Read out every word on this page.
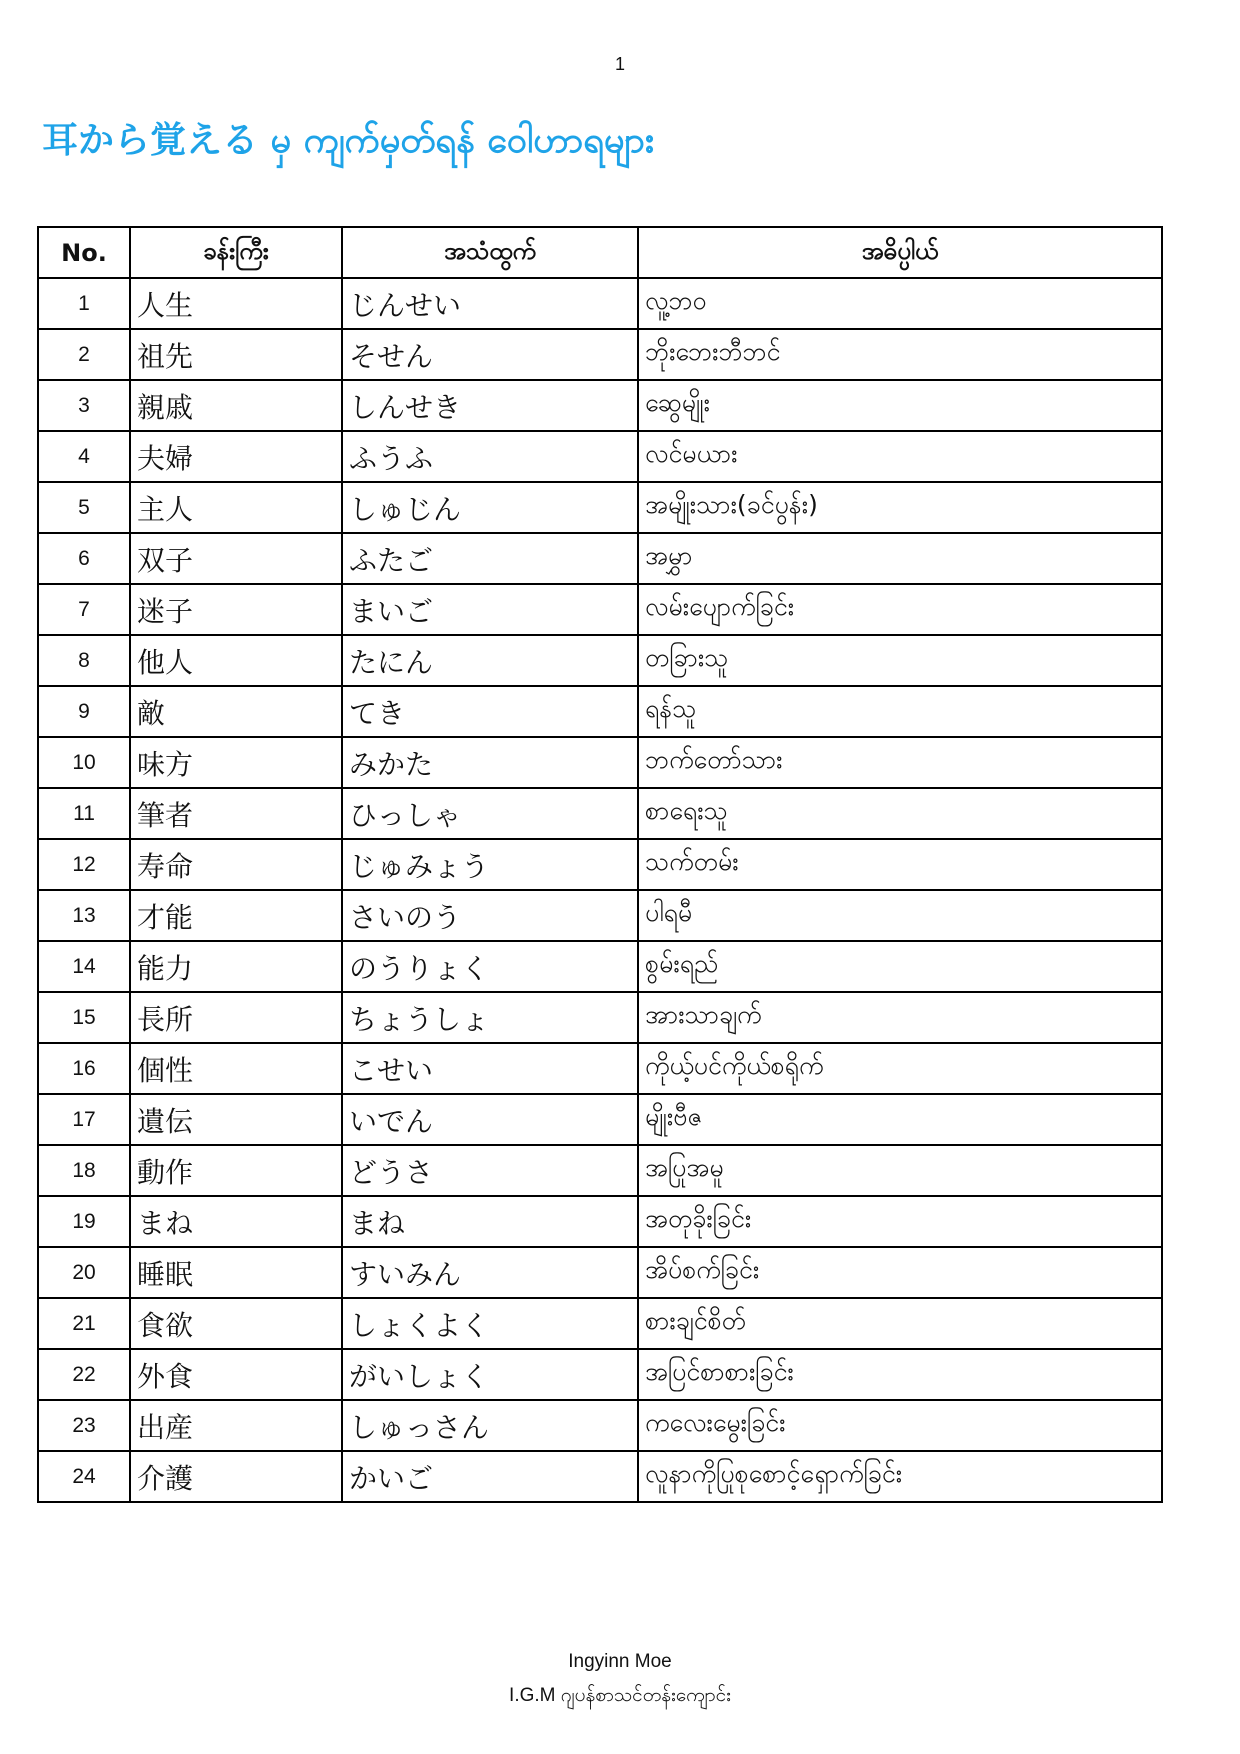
1
耳から覚える မှ ကျက်မှတ်ရန် ဝေါဟာရများ
No.	ခန်းကြီး	အသံထွက်	အဓိပ္ပါယ်
1	人生	じんせい	လူ့ဘဝ
2	祖先	そせん	ဘိုးဘေးဘီဘင်
3	親戚	しんせき	ဆွေမျိုး
4	夫婦	ふうふ	လင်မယား
5	主人	しゅじん	အမျိုးသား(ခင်ပွန်း)
6	双子	ふたご	အမွှာ
7	迷子	まいご	လမ်းပျောက်ခြင်း
8	他人	たにん	တခြားသူ
9	敵	てき	ရန်သူ
10	味方	みかた	ဘက်တော်သား
11	筆者	ひっしゃ	စာရေးသူ
12	寿命	じゅみょう	သက်တမ်း
13	才能	さいのう	ပါရမီ
14	能力	のうりょく	စွမ်းရည်
15	長所	ちょうしょ	အားသာချက်
16	個性	こせい	ကိုယ့်ပင်ကိုယ်စရိုက်
17	遺伝	いでん	မျိုးဗီဇ
18	動作	どうさ	အပြုအမူ
19	まね	まね	အတုခိုးခြင်း
20	睡眠	すいみん	အိပ်စက်ခြင်း
21	食欲	しょくよく	စားချင်စိတ်
22	外食	がいしょく	အပြင်စာစားခြင်း
23	出産	しゅっさん	ကလေးမွေးခြင်း
24	介護	かいご	လူနာကိုပြုစုစောင့်ရှောက်ခြင်း
Ingyinn Moe
I.G.M ဂျပန်စာသင်တန်းကျောင်း
